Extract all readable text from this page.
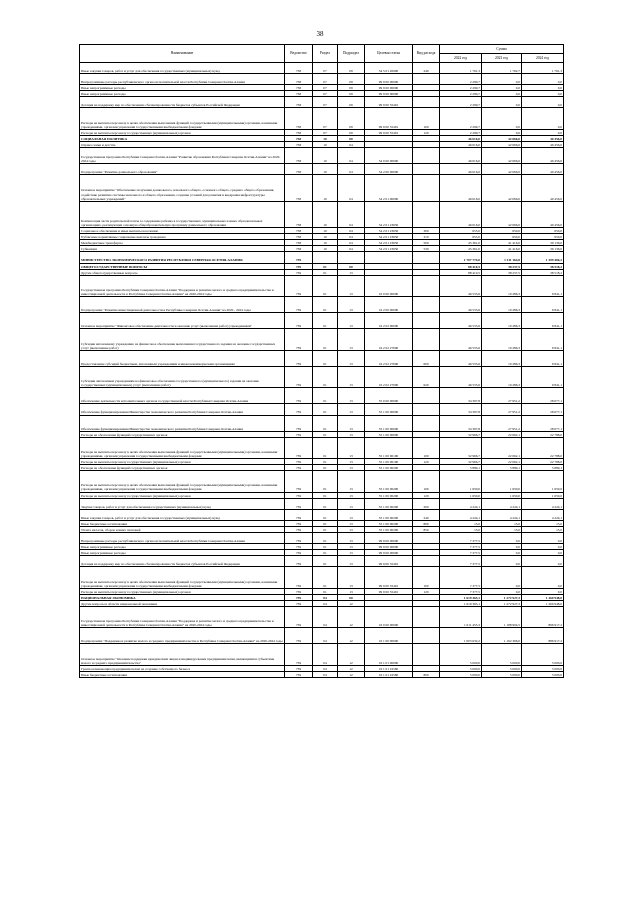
38
Наименование	Ведомство	Раздел	Подраздел	Целевая статья	Вид расхода	Сумма		
						2022 год	2023 год	2024 год
Иные закупки товаров, работ и услуг для обеспечения государственных (муниципальных) нужд	738	07	09	34 5 01 20900	240	1 761,3	1 762,7	1 761,3
Непрограммные расходы республиканского органа исполнительной власти Республики Северная Осетия-Алания	738	07	09	99 9 00 00000		2 299,7	0,0	0,0
Иные непрограммные расходы	738	07	09	99 9 00 00000		2 299,7	0,0	0,0
Иные непрограммные расходы	738	07	09	99 9 00 00000		2 299,7	0,0	0,0
Дотация на поддержку мер по обеспечению сбалансированности бюджетов субъектов Российской Федерации	738	07	09	99 9 00 55491		2 299,7	0,0	0,0
Расходы на выплаты персоналу в целях обеспечения выполнения функций государственными (муниципальными) органами, казенными учреждениями, органами управления государственными внебюджетными фондами	738	07	09	99 9 00 55491	100	2 299,7	0,0	0,0
Расходы на выплаты персоналу государственных (муниципальных) органов	738	07	09	99 9 00 55491	120	2 299,7	0,0	0,0
СОЦИАЛЬНАЯ ПОЛИТИКА	738	10	00			46 016,0	42 066,0	40 456,0
Охрана семьи и детства	738	10	04			46 016,0	42 066,0	40 456,0
Государственная программа Республики Северная Осетия-Алания "Развитие образования Республики Северная Осетия-Алания" на 2020-2024 годы	738	10	04	34 0 00 00000		46 016,0	42 066,0	40 456,0
Подпрограмма "Развитие дошкольного образования"	738	10	04	34 2 00 00000		46 016,0	42 066,0	40 456,0
Основное мероприятие "Обеспечение получения дошкольного, начального общего, основного общего, среднего общего образования, содействие развитию системы начального и общего образования, создание условий для развития и внедрения инфраструктуры образовательных учреждений"	738	10	04	34 2 01 00000		46 016,0	42 066,0	40 456,0
Компенсация части родительской платы за содержание ребенка в государственных, муниципальных и иных образовательных организациях, реализующих основную общеобразовательную программу дошкольного образования	738	10	04	34 2 01 23650		46 016,0	42 066,0	40 456,0
Социальное обеспечение и иные выплаты населению	738	10	04	34 2 01 23650	300	655,0	650,0	650,0
Публичные нормативные социальные выплаты гражданам	738	10	04	34 2 01 23650	310	655,0	650,0	650,0
Межбюджетные трансферты	738	10	04	34 2 01 23650	500	45 361,0	41 416,0	39 136,0
Субвенции	738	10	04	34 2 01 23650	530	45 361,0	41 416,0	39 136,0
МИНИСТЕРСТВО ЭКОНОМИЧЕСКОГО РАЗВИТИЯ РЕСПУБЛИКИ СЕВЕРНАЯ ОСЕТИЯ-АЛАНИЯ	739					1 707 774,0	1 311 164,8	1 299 466,2
ОБЩЕГОСУДАРСТВЕННЫЕ ВОПРОСЫ	739	01	00			88 410,5	38 237,5	38 518,2
Другие общегосударственные вопросы	739	01	13			88 410,5	38 237,5	38 518,2
Государственная программа Республики Северная Осетия-Алания "Поддержка и развитие малого и среднего предпринимательства и инвестиционной деятельности в Республике Северная Осетия-Алания" на 2020-2024 годы	739	01	13	16 0 00 00000		46 535,6	10 286,3	9 841,1
Подпрограмма "Развитие инвестиционной деятельности в Республике Северная Осетия-Алания" на 2020 - 2024 годы	739	01	13	16 2 00 00000		46 535,6	10 286,3	9 841,1
Основное мероприятие "Финансовое обеспечение деятельности и оказание услуг (выполнение работ) учреждениями"	739	01	13	16 2 02 00000		46 535,6	10 286,3	9 841,1
Субсидия автономному учреждению на финансовое обеспечение выполнения государственного задания на оказание государственных услуг (выполнение работ)	739	01	13	16 2 02 27000		46 535,6	10 286,3	9 841,1
Предоставление субсидий бюджетным, автономным учреждениям и иным некоммерческим организациям	739	01	13	16 2 02 27000	600	46 535,6	10 286,3	9 841,1
Субсидии автономным учреждениям на финансовое обеспечение государственного (муниципального) задания на оказание государственных (муниципальных) услуг (выполнение работ)	739	01	13	16 2 02 27000	620	46 535,6	10 286,3	9 841,1
Обеспечение деятельности исполнительных органов государственной власти Республики Северная Осетия-Алания	739	01	13	55 0 00 00000		34 397,8	27 951,2	28 677,1
Обеспечение функционирования Министерства экономического развития Республики Северная Осетия-Алания	739	01	13	55 1 00 00000		34 397,8	27 951,2	28 677,1
Обеспечение функционирования Министерства экономического развития Республики Северная Осетия-Алания	739	01	13	55 1 00 00000		34 397,8	27 951,2	28 677,1
Расходы на обеспечение функций государственных органов	739	01	13	55 1 00 00000		32 966,7	22 062,1	22 788,0
Расходы на выплаты персоналу в целях обеспечения выполнения функций государственными (муниципальными) органами, казенными учреждениями, органами управления государственными внебюджетными фондами	739	01	13	55 1 00 00190	100	32 966,7	22 062,1	22 788,0
Расходы на выплаты персоналу государственных (муниципальных) органов	739	01	13	55 1 00 00190	120	32 966,7	22 062,1	22 788,0
Расходы на обеспечение функций государственных органов	739	01	13	55 1 00 00200		5 889,1	5 889,1	5 889,1
Расходы на выплаты персоналу в целях обеспечения выполнения функций государственными (муниципальными) органами, казенными учреждениями, органами управления государственными внебюджетными фондами	739	01	13	55 1 00 00200	100	1 650,0	1 650,0	1 650,0
Расходы на выплаты персоналу государственных (муниципальных) органов	739	01	13	55 1 00 00200	120	1 650,0	1 650,0	1 650,0
Закупка товаров, работ и услуг для обеспечения государственных (муниципальных) нужд	739	01	13	55 1 00 00200	200	4 224,1	4 224,1	4 224,1
Иные закупки товаров, работ и услуг для обеспечения государственных (муниципальных) нужд	739	01	13	55 1 00 00200	240	4 224,1	4 224,1	4 224,1
Иные бюджетные ассигнования	739	01	13	55 1 00 00200	800	15,0	15,0	15,0
Уплата налогов, сборов и иных платежей	739	01	13	55 1 00 00200	850	15,0	15,0	15,0
Непрограммные расходы республиканского органа исполнительной власти Республики Северная Осетия-Алания	739	01	13	99 9 00 00000		7 377,5	0,0	0,0
Иные непрограммные расходы	739	01	13	99 9 00 00000		7 377,5	0,0	0,0
Иные непрограммные расходы	739	01	13	99 9 00 00000		7 377,5	0,0	0,0
Дотация на поддержку мер по обеспечению сбалансированности бюджетов субъектов Российской Федерации	739	01	13	99 9 00 55491		7 377,5	0,0	0,0
Расходы на выплаты персоналу в целях обеспечения выполнения функций государственными (муниципальными) органами, казенными учреждениями, органами управления государственными внебюджетными фондами	739	01	13	99 9 00 55491	100	7 377,5	0,0	0,0
Расходы на выплаты персоналу государственных (муниципальных) органов	739	01	13	99 9 00 55491	120	7 377,5	0,0	0,0
НАЦИОНАЛЬНАЯ ЭКОНОМИКА	739	04	00			1 619 363,1	1 272 927,3	1 260 948,0
Другие вопросы в области национальной экономики	739	04	12			1 619 363,1	1 272 927,3	1 260 948,0
Государственная программа Республики Северная Осетия-Алания "Поддержка и развитие малого и среднего предпринимательства и инвестиционной деятельности в Республике Северная Осетия-Алания" на 2020-2024 годы	739	04	12	16 0 00 00000		1 611 455,3	1 188 904,5	896 917,2
Подпрограмма "Поддержка и развитие малого и среднего предпринимательства в Республике Северная Осетия-Алания" на 2020-2024 годы	739	04	12	16 1 00 00000		1 003 632,2	1 162 366,0	886 917,2
Основное мероприятие "Оказание поддержки юридическим лицам и индивидуальным предпринимателям, являющимися субъектами малого и среднего предпринимательства"	739	04	12	16 1 01 00000		5 000,0	5 000,0	5 000,0
Гранты начинающим предпринимателям на создание собственного бизнеса	739	04	12	16 1 01 22560		5 000,0	5 000,0	5 000,0
Иные бюджетные ассигнования	739	04	12	16 1 01 22560	800	5 000,0	5 000,0	5 000,0
